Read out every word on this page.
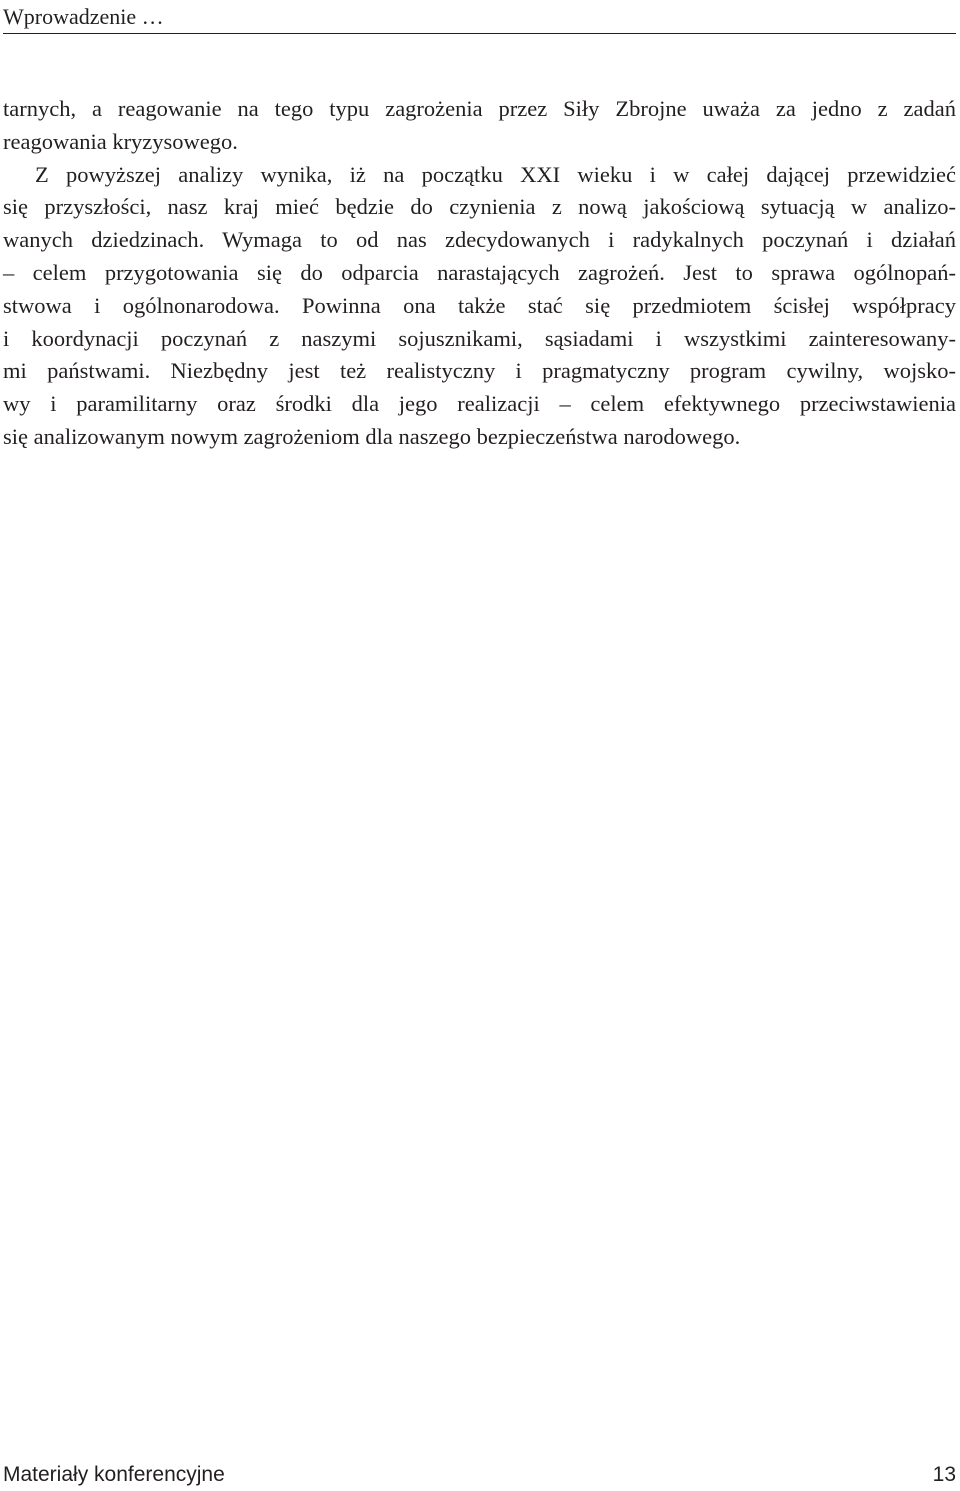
Wprowadzenie …
tarnych, a reagowanie na tego typu zagrożenia przez Siły Zbrojne uważa za jedno z zadań
reagowania kryzysowego.
Z powyższej analizy wynika, iż na początku XXI wieku i w całej dającej przewidzieć
się przyszłości, nasz kraj mieć będzie do czynienia z nową jakościową sytuacją w analizo-
wanych dziedzinach. Wymaga to od nas zdecydowanych i radykalnych poczynań i działań
– celem przygotowania się do odparcia narastających zagrożeń. Jest to sprawa ogólnopań-
stwowa i ogólnonarodowa. Powinna ona także stać się przedmiotem ścisłej współpracy
i koordynacji poczynań z naszymi sojusznikami, sąsiadami i wszystkimi zainteresowany-
mi państwami. Niezbędny jest też realistyczny i pragmatyczny program cywilny, wojsko-
wy i paramilitarny oraz środki dla jego realizacji – celem efektywnego przeciwstawienia
się analizowanym nowym zagrożeniom dla naszego bezpieczeństwa narodowego.
Materiały konferencyjne	13
